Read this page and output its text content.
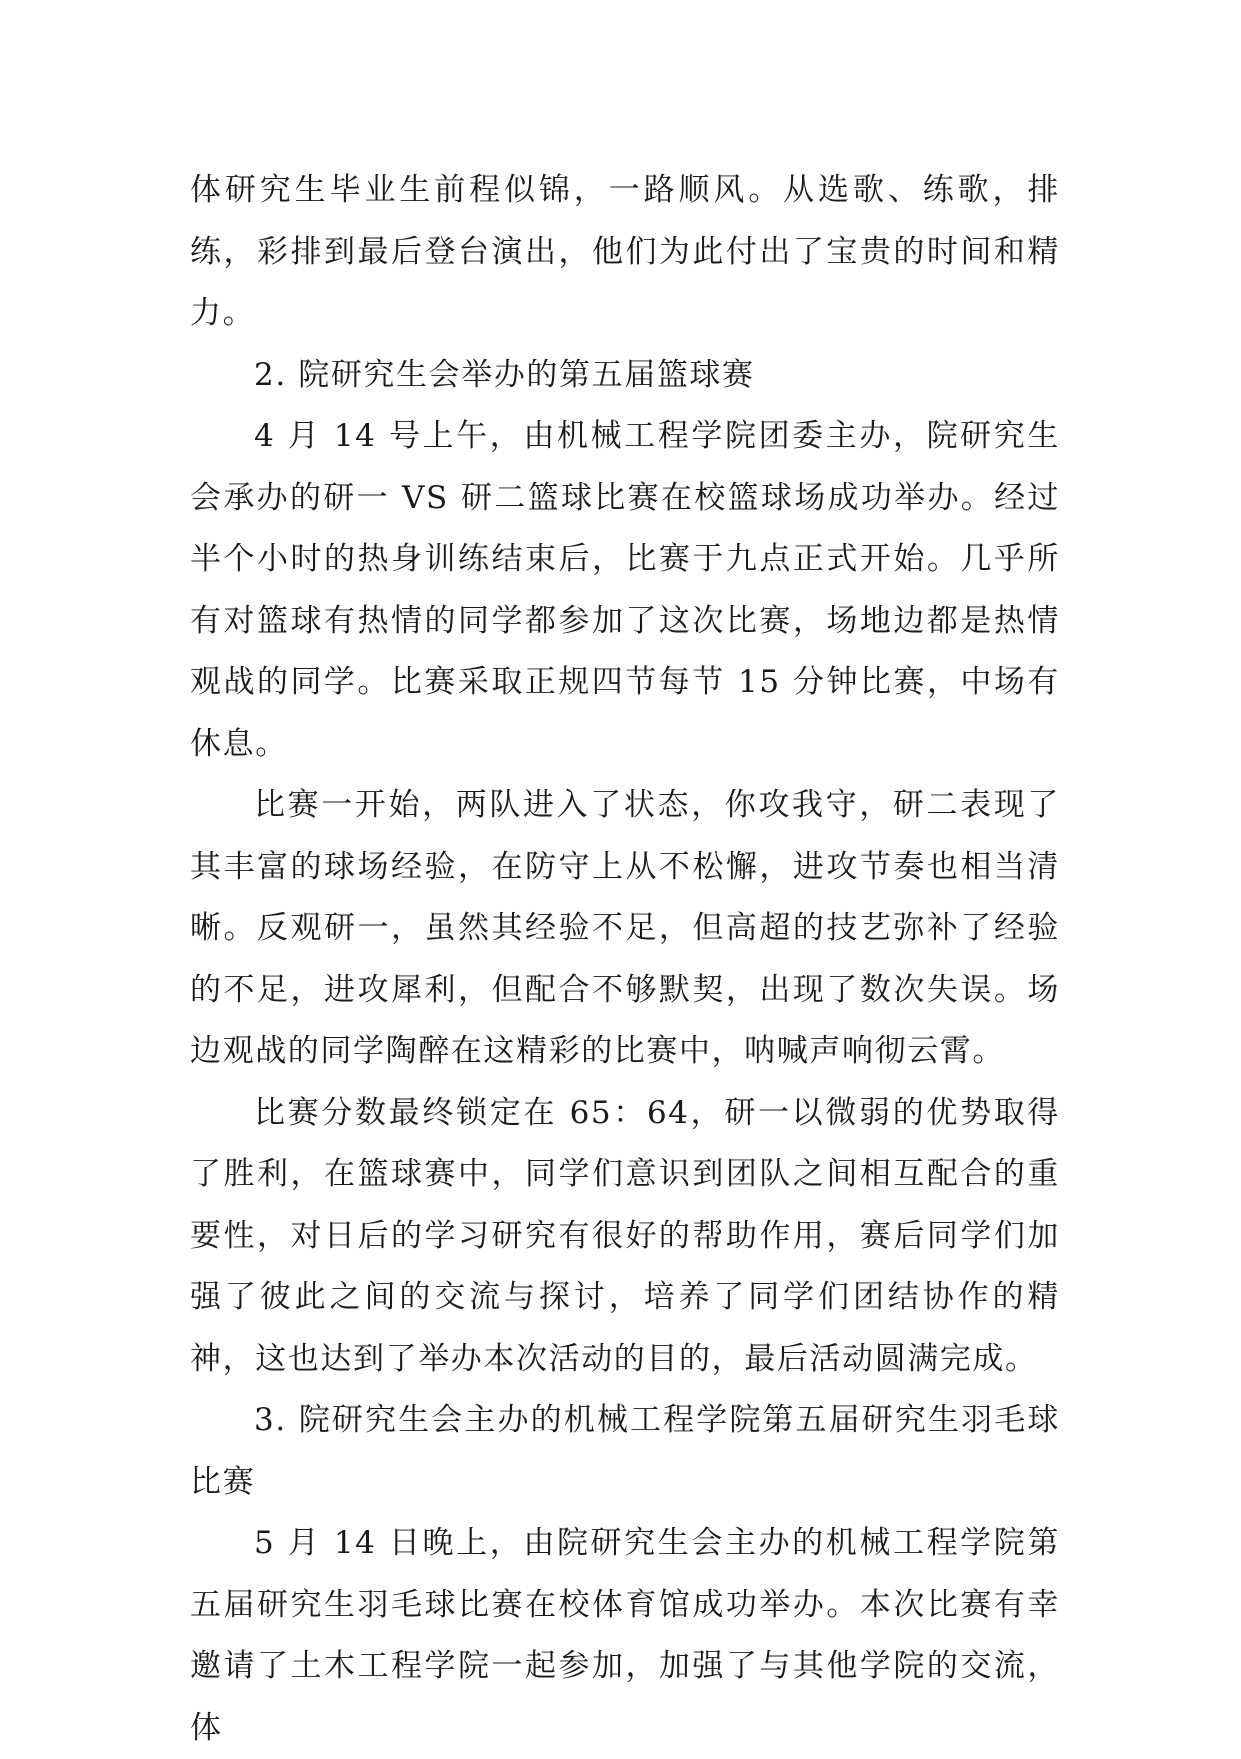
体研究生毕业生前程似锦，一路顺风。从选歌、练歌，排练，彩排到最后登台演出，他们为此付出了宝贵的时间和精力。

2. 院研究生会举办的第五届篮球赛

4 月 14 号上午，由机械工程学院团委主办，院研究生会承办的研一 VS 研二篮球比赛在校篮球场成功举办。经过半个小时的热身训练结束后，比赛于九点正式开始。几乎所有对篮球有热情的同学都参加了这次比赛，场地边都是热情观战的同学。比赛采取正规四节每节 15 分钟比赛，中场有休息。

比赛一开始，两队进入了状态，你攻我守，研二表现了其丰富的球场经验，在防守上从不松懈，进攻节奏也相当清晰。反观研一，虽然其经验不足，但高超的技艺弥补了经验的不足，进攻犀利，但配合不够默契，出现了数次失误。场边观战的同学陶醉在这精彩的比赛中，呐喊声响彻云霄。

比赛分数最终锁定在 65：64，研一以微弱的优势取得了胜利，在篮球赛中，同学们意识到团队之间相互配合的重要性，对日后的学习研究有很好的帮助作用，赛后同学们加强了彼此之间的交流与探讨，培养了同学们团结协作的精神，这也达到了举办本次活动的目的，最后活动圆满完成。

3. 院研究生会主办的机械工程学院第五届研究生羽毛球比赛

5 月 14 日晚上，由院研究生会主办的机械工程学院第五届研究生羽毛球比赛在校体育馆成功举办。本次比赛有幸邀请了土木工程学院一起参加，加强了与其他学院的交流，体
